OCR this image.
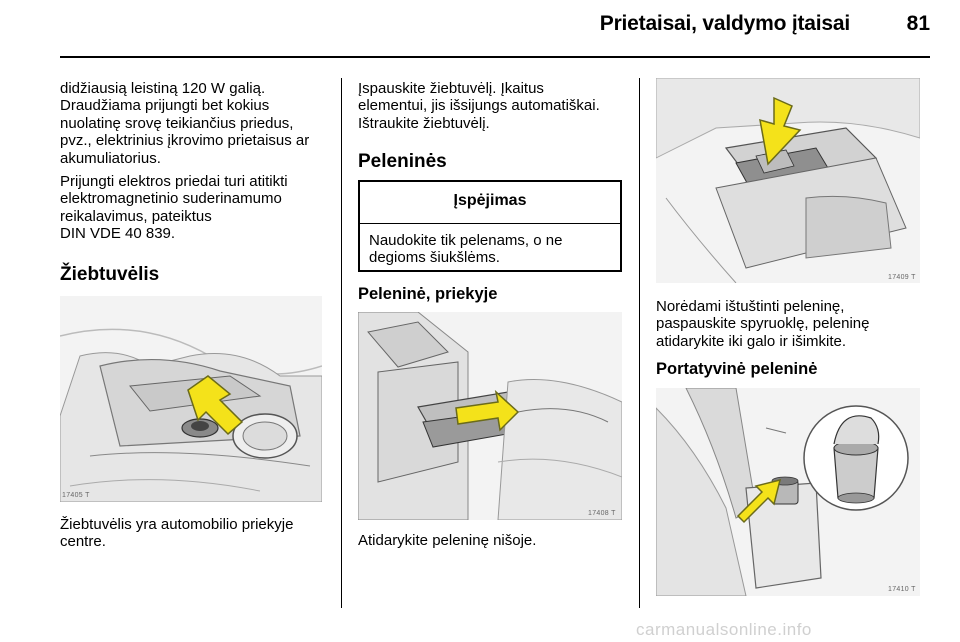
Prietaisai, valdymo įtaisai	81
didžiausią leistiną 120 W galią.
Draudžiama prijungti bet kokius
nuolatinę srovę teikiančius priedus,
pvz., elektrinius įkrovimo prietaisus ar
akumuliatorius.
Prijungti elektros priedai turi atitikti
elektromagnetinio suderinamumo
reikalavimus, pateiktus
DIN VDE 40 839.
Žiebtuvėlis
17405 T
Žiebtuvėlis yra automobilio priekyje
centre.
Įspauskite žiebtuvėlį. Įkaitus
elementui, jis išsijungs automatiškai.
Ištraukite žiebtuvėlį.
Peleninės
Įspėjimas
Naudokite tik pelenams, o ne
degioms šiukšlėms.
Peleninė, priekyje
17408 T
Atidarykite peleninę nišoje.
17409 T
Norėdami ištuštinti peleninę,
paspauskite spyruoklę, peleninę
atidarykite iki galo ir išimkite.
Portatyvinė peleninė
17410 T
carmanualsonline.info
